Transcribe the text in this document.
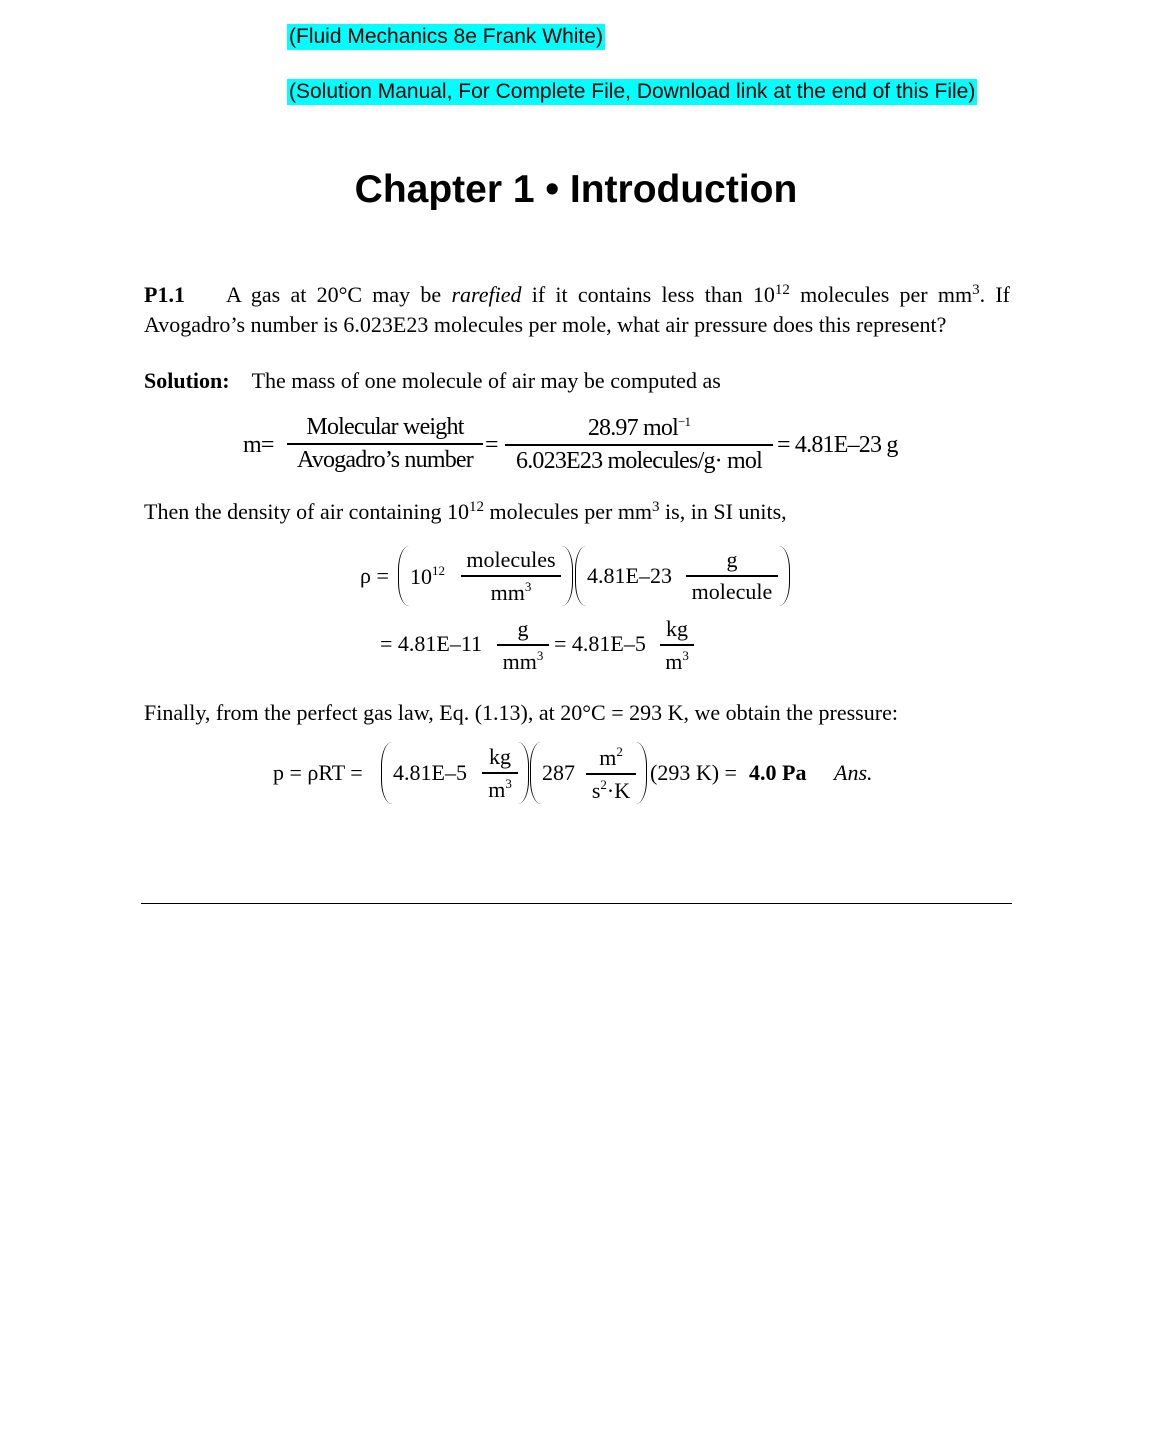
(Fluid Mechanics 8e Frank White)
(Solution Manual, For Complete File, Download link at the end of this File)
Chapter 1 • Introduction
P1.1 A gas at 20°C may be rarefied if it contains less than $10^{12}$ molecules per $mm^3$. If
Avogadro’s number is 6.023E23 molecules per mole, what air pressure does this represent?
Solution: The mass of one molecule of air may be computed as
m=
Molecular weight
Avogadro’s number
=
28.97 mol$^{-1}$
6.023E23 molecules/g· mol
= 4.81E–23 g
Then the density of air containing $10^{12}$ molecules per $mm^3$ is, in SI units,
$\rho = 10^{12}$ molecules
$mm^3$	4.81E–23
g
molecule
= 4.81E–11
g
$mm^3 = 4.81E-5$
kg
$m^3$
Finally, from the perfect gas law, Eq. (1.13), at 20°C = 293 K, we obtain the pressure:
p = ρRT = 4.81E–5
kg
$m^3$ 287
$m^2$
$s^2\cdot K$
(293 K) = 4.0 Pa Ans.
